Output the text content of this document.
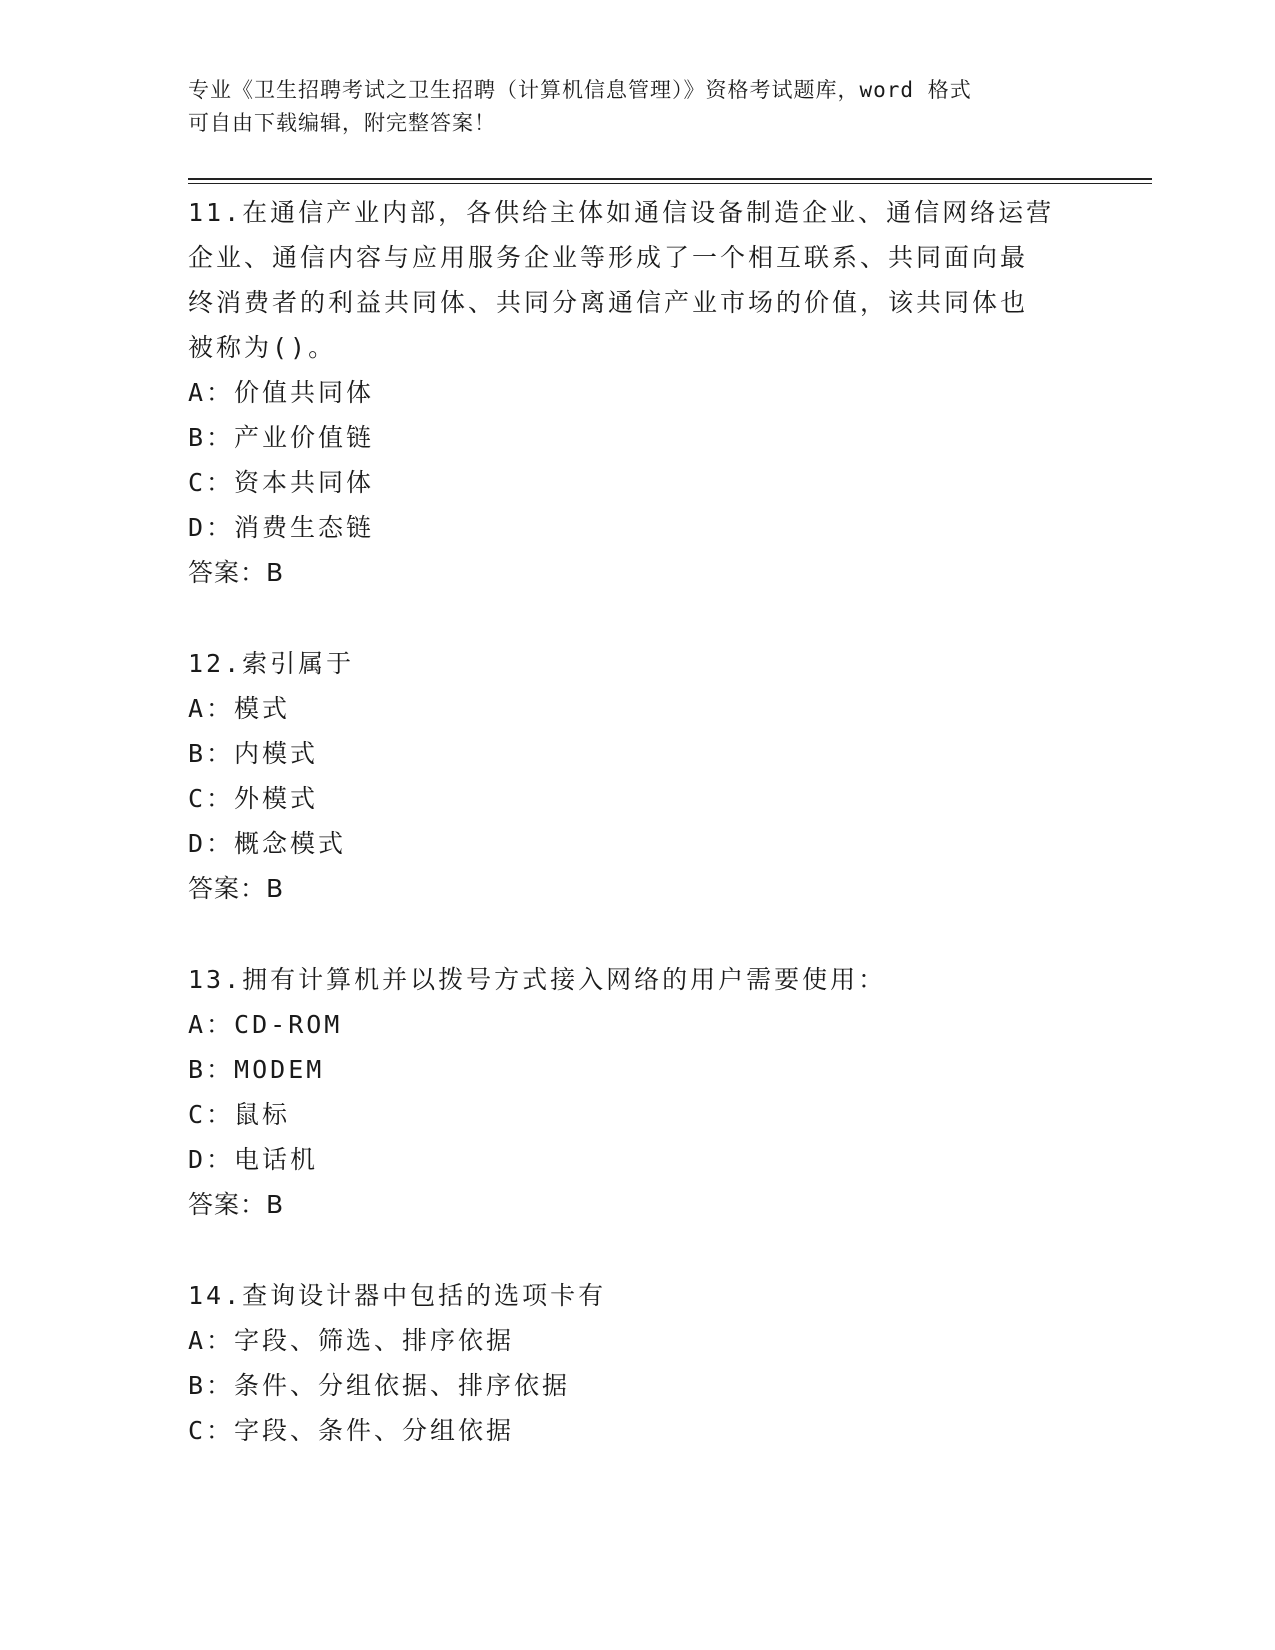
专业《卫生招聘考试之卫生招聘（计算机信息管理）》资格考试题库，word 格式
可自由下载编辑，附完整答案！
11.在通信产业内部，各供给主体如通信设备制造企业、通信网络运营
企业、通信内容与应用服务企业等形成了一个相互联系、共同面向最
终消费者的利益共同体、共同分离通信产业市场的价值，该共同体也
被称为()。
A：价值共同体
B：产业价值链
C：资本共同体
D：消费生态链
答案：B
12.索引属于
A：模式
B：内模式
C：外模式
D：概念模式
答案：B
13.拥有计算机并以拨号方式接入网络的用户需要使用：
A：CD-ROM
B：MODEM
C：鼠标
D：电话机
答案：B
14.查询设计器中包括的选项卡有
A：字段、筛选、排序依据
B：条件、分组依据、排序依据
C：字段、条件、分组依据
